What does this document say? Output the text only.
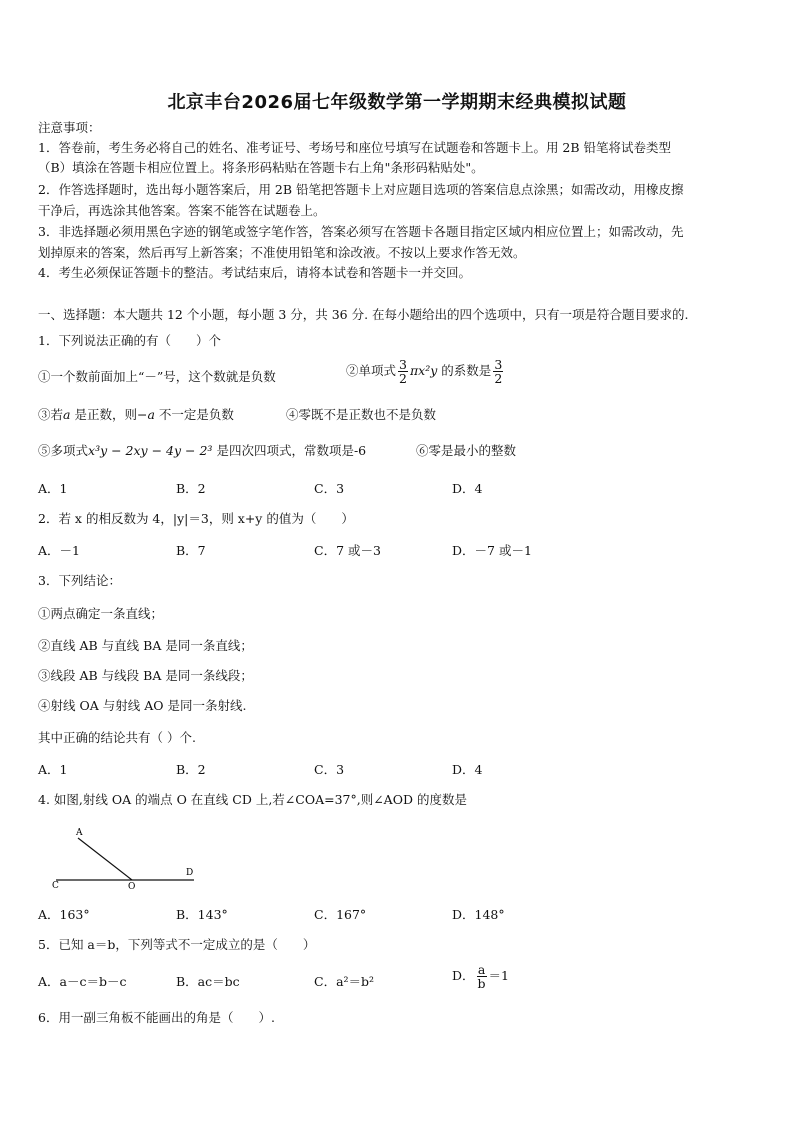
北京丰台2026届七年级数学第一学期期末经典模拟试题
注意事项：
1．答卷前，考生务必将自己的姓名、准考证号、考场号和座位号填写在试题卷和答题卡上。用 2B 铅笔将试卷类型
（B）填涂在答题卡相应位置上。将条形码粘贴在答题卡右上角"条形码粘贴处"。
2．作答选择题时，选出每小题答案后，用 2B 铅笔把答题卡上对应题目选项的答案信息点涂黑；如需改动，用橡皮擦
干净后，再选涂其他答案。答案不能答在试题卷上。
3．非选择题必须用黑色字迹的钢笔或签字笔作答，答案必须写在答题卡各题目指定区域内相应位置上；如需改动，先
划掉原来的答案，然后再写上新答案；不准使用铅笔和涂改液。不按以上要求作答无效。
4．考生必须保证答题卡的整洁。考试结束后，请将本试卷和答题卡一并交回。
一、选择题：本大题共 12 个小题，每小题 3 分，共 36 分. 在每小题给出的四个选项中，只有一项是符合题目要求的.
1．下列说法正确的有（　　）个
①一个数前面加上“－”号，这个数就是负数	②单项式 $\frac{3}{2} \pi x^2y$ 的系数是 $\frac{3}{2}$
③若a 是正数，则−a 不一定是负数	④零既不是正数也不是负数
⑤多项式x³y − 2xy − 4y − 2³ 是四次四项式，常数项是-6	⑥零是最小的整数
A．1	B．2	C．3	D．4
2．若 x 的相反数为 4，|y|＝3，则 x+y 的值为（　　）
A．－1	B．7	C．7 或－3	D．－7 或－1
3．下列结论：
①两点确定一条直线；
②直线 AB 与直线 BA 是同一条直线；
③线段 AB 与线段 BA 是同一条线段；
④射线 OA 与射线 AO 是同一条射线.
其中正确的结论共有（ ）个.
A．1	B．2	C．3	D．4
4. 如图,射线 OA 的端点 O 在直线 CD 上,若∠COA=37°,则∠AOD 的度数是
A
C	O
D
A．163°	B．143°	C．167°	D．148°
5．已知 a＝b，下列等式不一定成立的是（　　）
A．a－c＝b－c	B．ac＝bc	C．a²＝b²	D． $\frac{a}{b} =1$
6．用一副三角板不能画出的角是（　　）.
